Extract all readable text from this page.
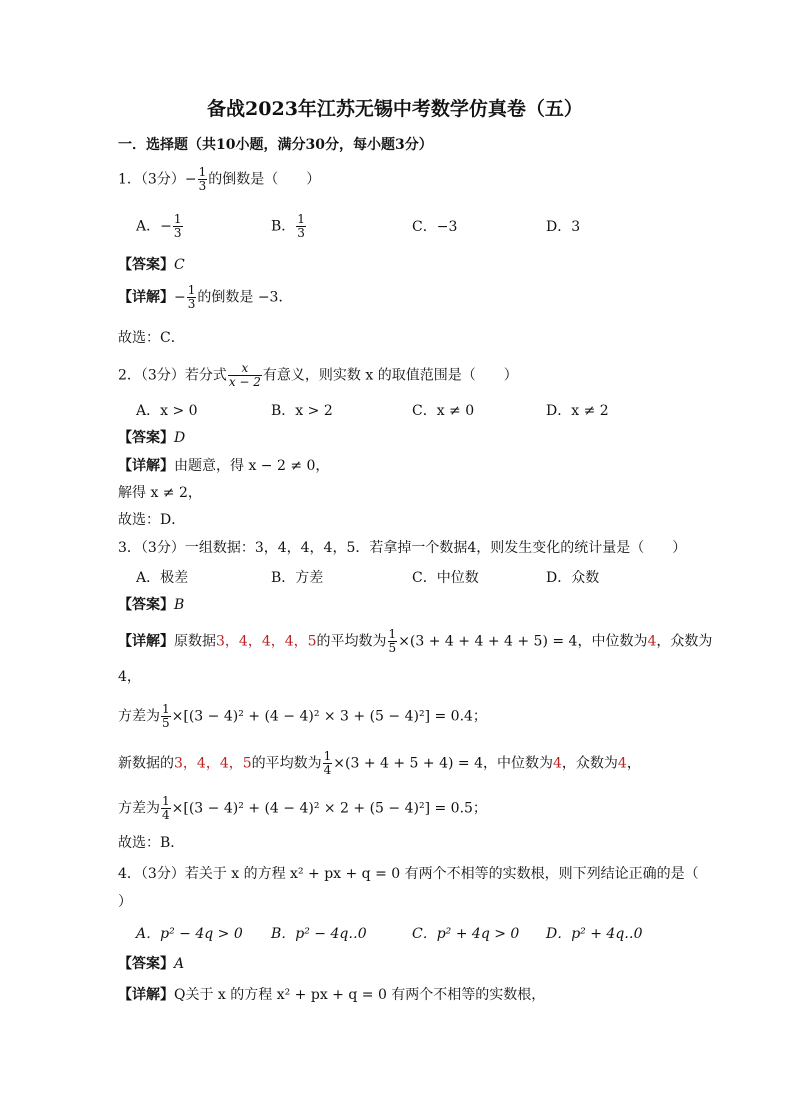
备战2023年江苏无锡中考数学仿真卷（五）
一．选择题（共10小题，满分30分，每小题3分）
1．（3分）− $\frac{1}{3}$ 的倒数是（　　）
A．− $\frac{1}{3}$	B． $\frac{1}{3}$	C．−3	D．3
【答案】C
【详解】− $\frac{1}{3}$ 的倒数是 −3．
故选：C．
2．（3分）若分式 $\frac{x}{x - 2}$ 有意义，则实数 x 的取值范围是（　　）
A．x > 0	B．x > 2	C．x ≠ 0	D．x ≠ 2
【答案】D
【详解】由题意，得 x − 2 ≠ 0，
解得 x ≠ 2，
故选：D．
3．（3分）一组数据：3，4，4，4，5．若拿掉一个数据4，则发生变化的统计量是（　　）
A．极差	B．方差	C．中位数	D．众数
【答案】B
【详解】原数据3，4，4，4，5的平均数为 $\frac{1}{5} \times(3 + 4 + 4 + 4 + 5) = 4$，中位数为4，众数为
4，
方差为 $\frac{1}{5} \times[(3 - 4)^2 + (4 - 4)^2 \times 3 + (5 - 4)^2] = 0.4$；
新数据的3，4，4，5的平均数为 $\frac{1}{4} \times(3 + 4 + 5 + 4) = 4$，中位数为4，众数为4，
方差为 $\frac{1}{4} \times[(3 - 4)^2 + (4 - 4)^2 \times 2 + (5 - 4)^2] = 0.5$；
故选：B．
4．（3分）若关于 x 的方程 x² + px + q = 0 有两个不相等的实数根，则下列结论正确的是（
）
A．p² − 4q > 0 B．p² − 4q‥0	C．p² + 4q > 0 D．p² + 4q‥0
【答案】A
【详解】Q关于 x 的方程 x² + px + q = 0 有两个不相等的实数根，
